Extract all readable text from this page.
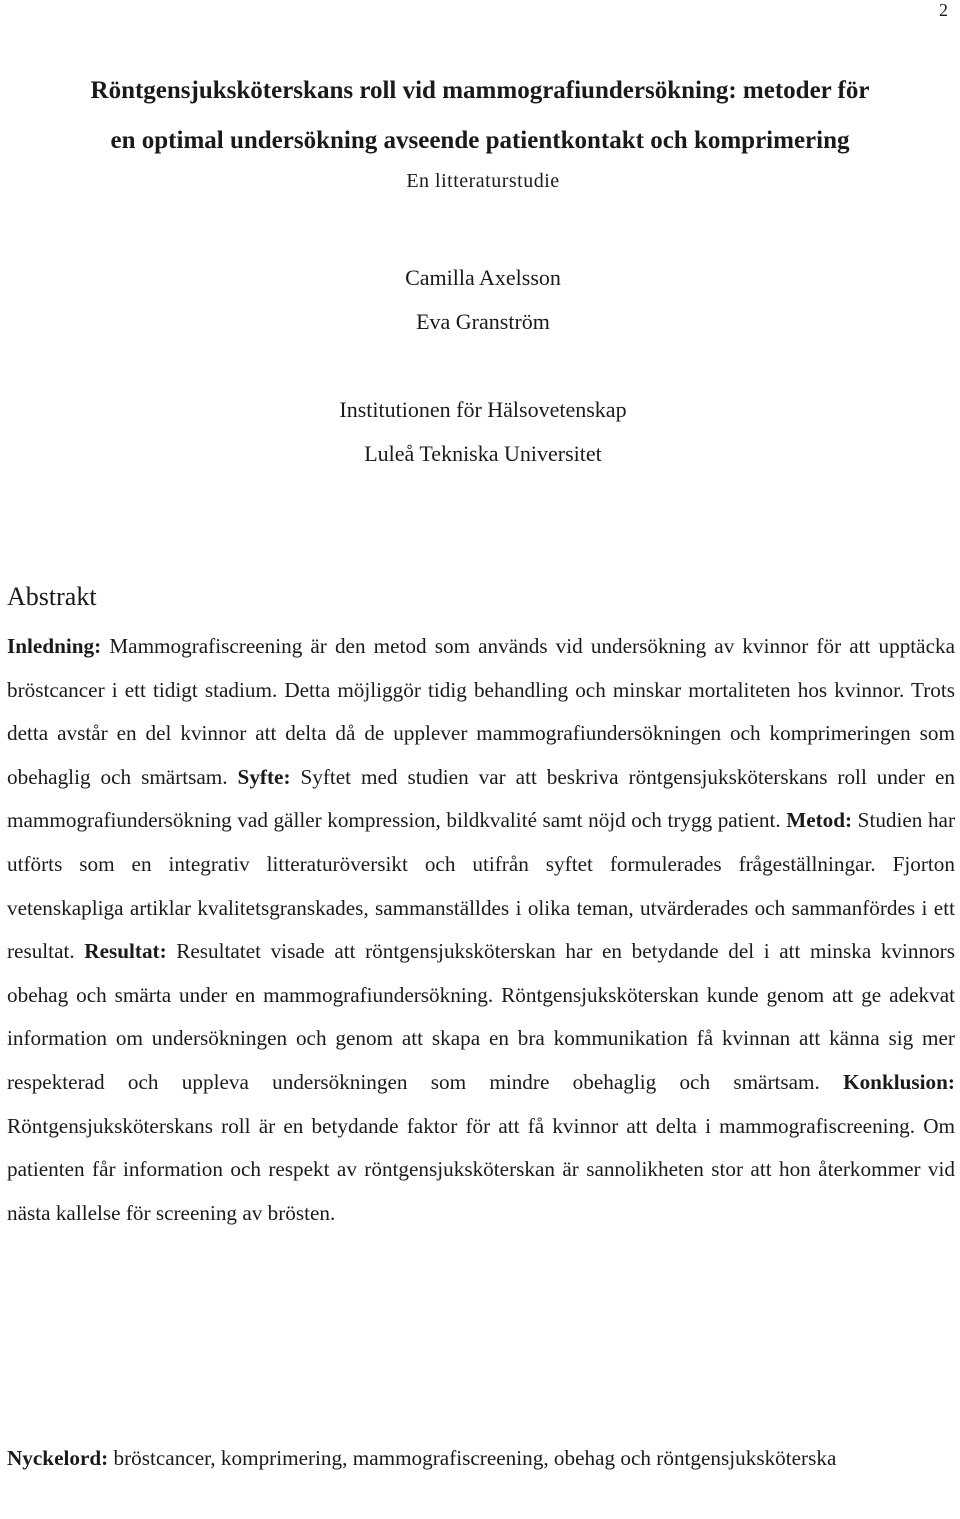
2
Röntgensjuksköterskans roll vid mammografiundersökning: metoder för
en optimal undersökning avseende patientkontakt och komprimering
En litteraturstudie
Camilla Axelsson
Eva Granström
Institutionen för Hälsovetenskap
Luleå Tekniska Universitet
Abstrakt
Inledning: Mammografiscreening är den metod som används vid undersökning av kvinnor för att upptäcka bröstcancer i ett tidigt stadium. Detta möjliggör tidig behandling och minskar mortaliteten hos kvinnor. Trots detta avstår en del kvinnor att delta då de upplever mammografiundersökningen och komprimeringen som obehaglig och smärtsam. Syfte: Syftet med studien var att beskriva röntgensjuksköterskans roll under en mammografiundersökning vad gäller kompression, bildkvalité samt nöjd och trygg patient. Metod: Studien har utförts som en integrativ litteraturöversikt och utifrån syftet formulerades frågeställningar. Fjorton vetenskapliga artiklar kvalitetsgranskades, sammanställdes i olika teman, utvärderades och sammanfördes i ett resultat. Resultat: Resultatet visade att röntgensjuksköterskan har en betydande del i att minska kvinnors obehag och smärta under en mammografiundersökning. Röntgensjuksköterskan kunde genom att ge adekvat information om undersökningen och genom att skapa en bra kommunikation få kvinnan att känna sig mer respekterad och uppleva undersökningen som mindre obehaglig och smärtsam. Konklusion: Röntgensjuksköterskans roll är en betydande faktor för att få kvinnor att delta i mammografiscreening. Om patienten får information och respekt av röntgensjuksköterskan är sannolikheten stor att hon återkommer vid nästa kallelse för screening av brösten.
Nyckelord: bröstcancer, komprimering, mammografiscreening, obehag och röntgensjuksköterska
